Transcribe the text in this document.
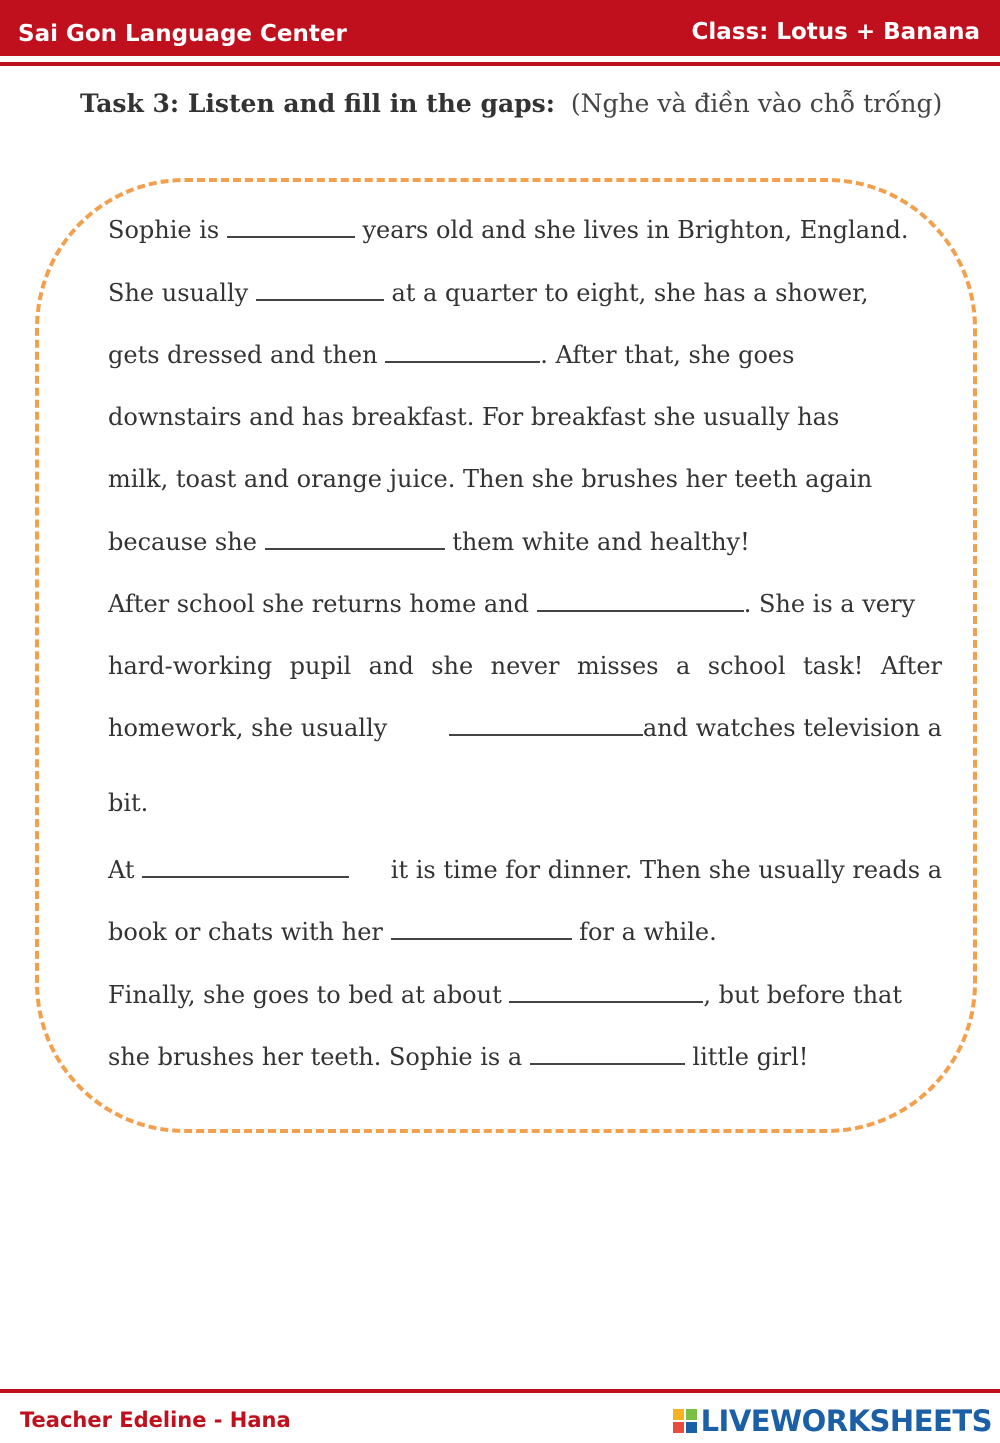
Sai Gon Language Center	Class: Lotus + Banana
Task 3: Listen and fill in the gaps: (Nghe và điền vào chỗ trống)
Sophie is	years old and she lives in Brighton, England.
She usually	at a quarter to eight, she has a shower,
gets dressed and then	. After that, she goes
downstairs and has breakfast. For breakfast she usually has
milk, toast and orange juice. Then she brushes her teeth again
because she	them white and healthy!
After school she returns home and	. She is a very
hard-working pupil and she never misses a school task! After
homework, she usually	and watches television a
bit.
At	it is time for dinner. Then she usually reads a
book or chats with her	for a while.
Finally, she goes to bed at about	, but before that
she brushes her teeth. Sophie is a	little girl!
Teacher Edeline - Hana	LIVEWORKSHEETS
